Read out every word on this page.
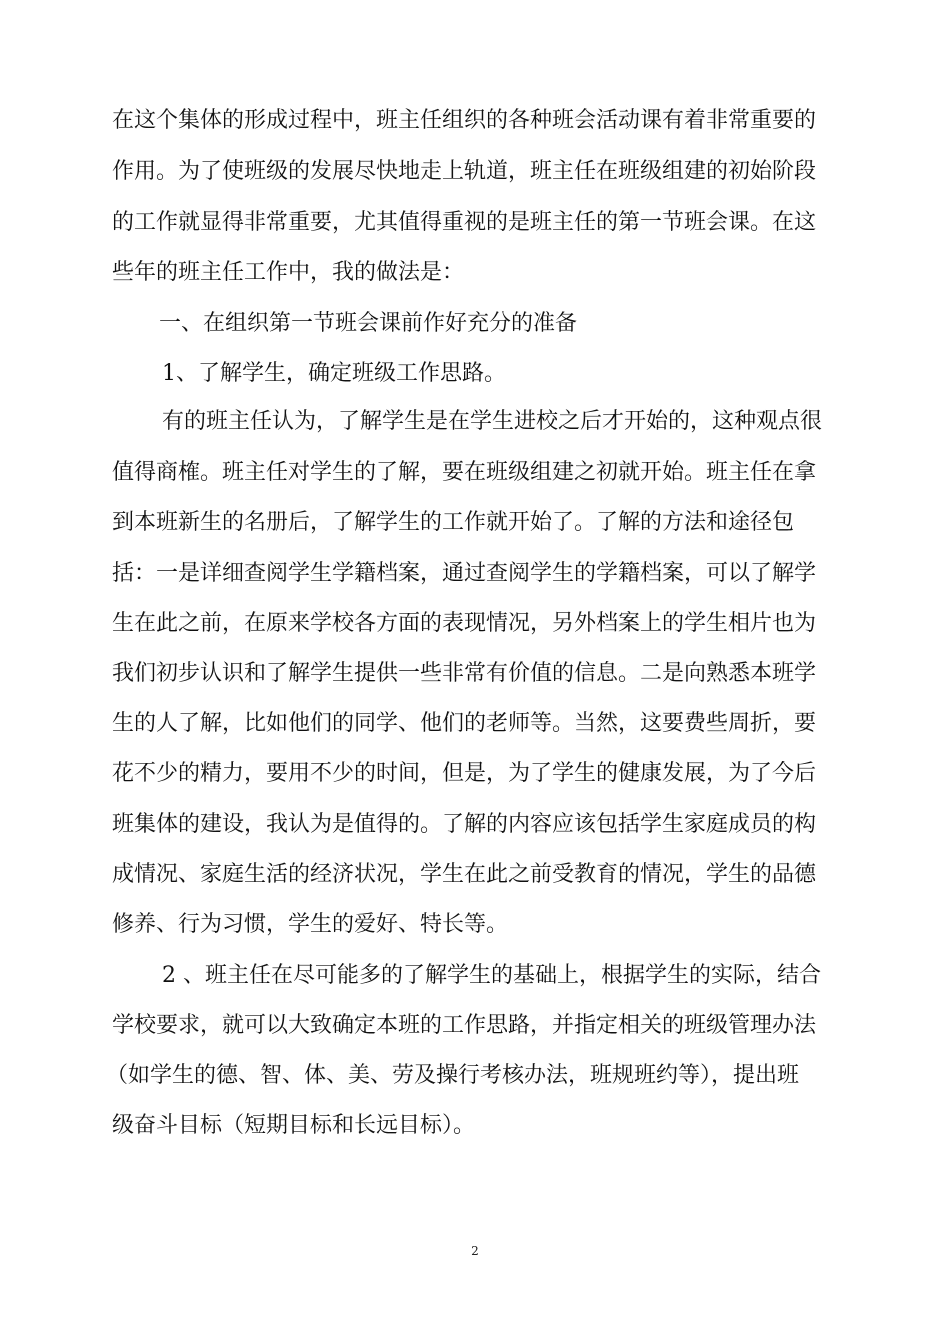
在这个集体的形成过程中，班主任组织的各种班会活动课有着非常重要的
作用。为了使班级的发展尽快地走上轨道，班主任在班级组建的初始阶段
的工作就显得非常重要，尤其值得重视的是班主任的第一节班会课。在这
些年的班主任工作中，我的做法是：
一、在组织第一节班会课前作好充分的准备
1、了解学生，确定班级工作思路。
有的班主任认为，了解学生是在学生进校之后才开始的，这种观点很
值得商榷。班主任对学生的了解，要在班级组建之初就开始。班主任在拿
到本班新生的名册后，了解学生的工作就开始了。了解的方法和途径包
括：一是详细查阅学生学籍档案，通过查阅学生的学籍档案，可以了解学
生在此之前，在原来学校各方面的表现情况，另外档案上的学生相片也为
我们初步认识和了解学生提供一些非常有价值的信息。二是向熟悉本班学
生的人了解，比如他们的同学、他们的老师等。当然，这要费些周折，要
花不少的精力，要用不少的时间，但是，为了学生的健康发展，为了今后
班集体的建设，我认为是值得的。了解的内容应该包括学生家庭成员的构
成情况、家庭生活的经济状况，学生在此之前受教育的情况，学生的品德
修养、行为习惯，学生的爱好、特长等。
2 、班主任在尽可能多的了解学生的基础上，根据学生的实际，结合
学校要求，就可以大致确定本班的工作思路，并指定相关的班级管理办法
（如学生的德、智、体、美、劳及操行考核办法，班规班约等），提出班
级奋斗目标（短期目标和长远目标）。
2
